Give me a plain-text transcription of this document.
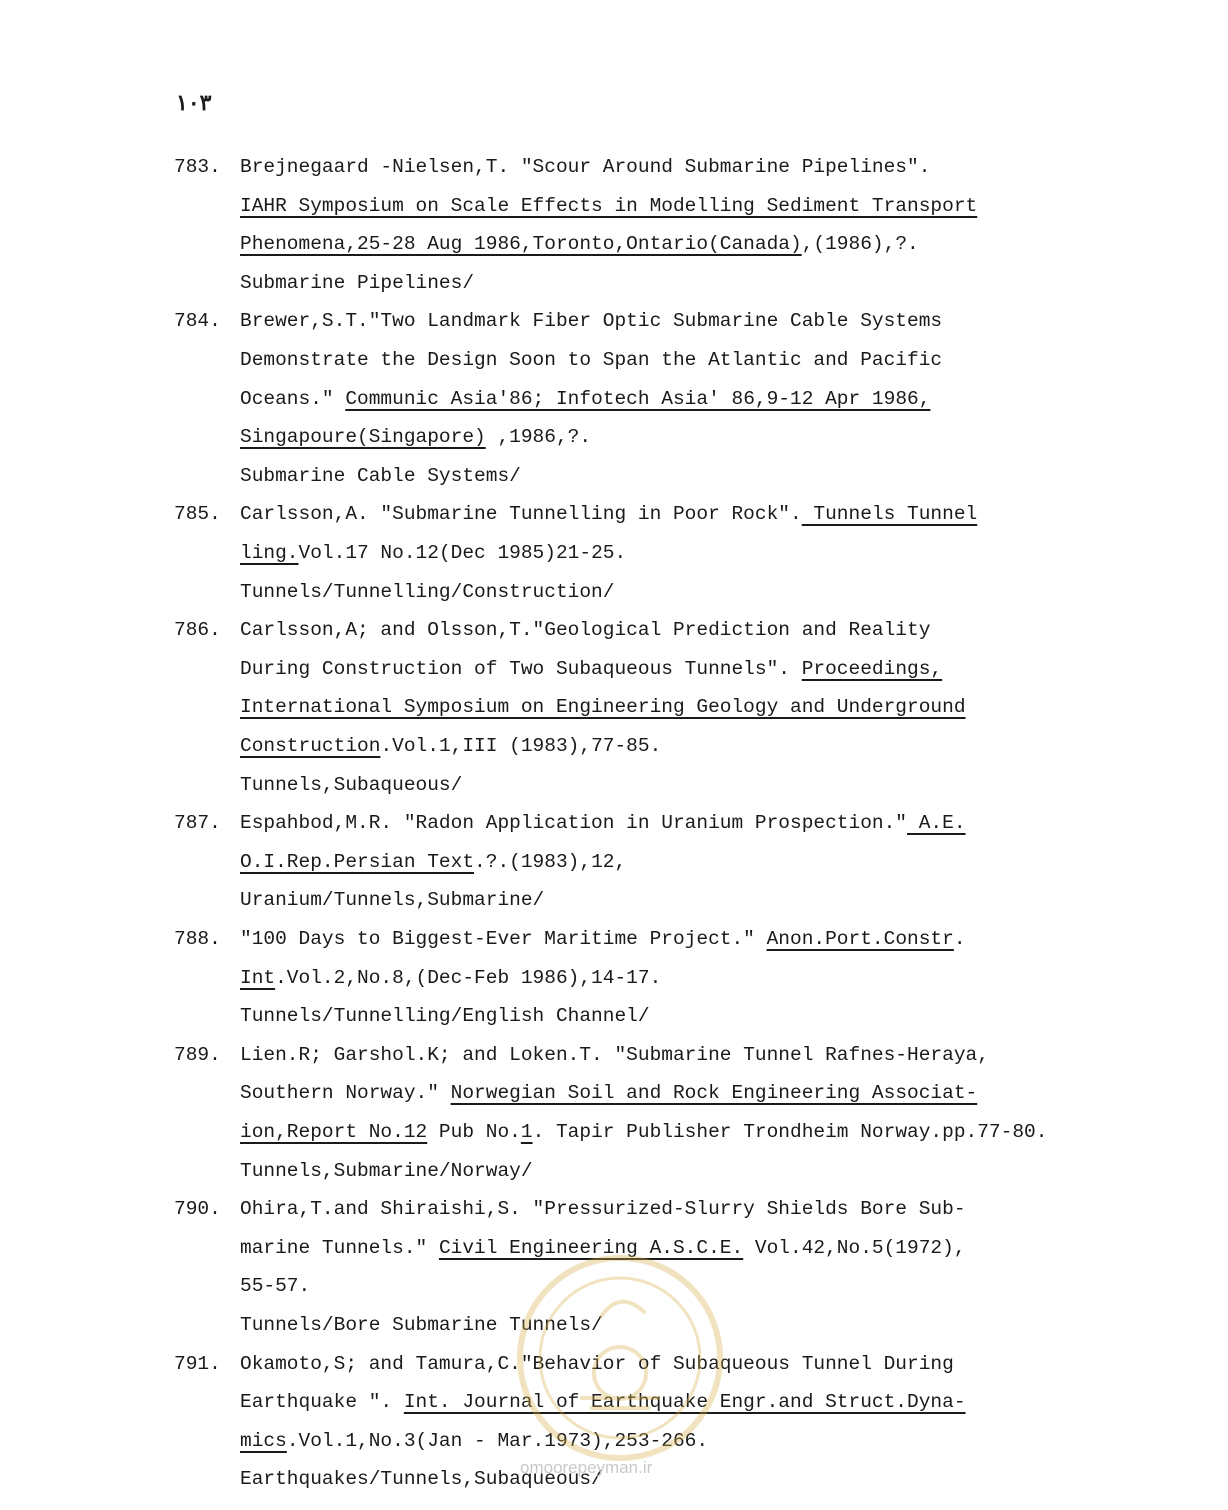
١٠٣
783. Brejnegaard -Nielsen,T. "Scour Around Submarine Pipelines".
IAHR Symposium on Scale Effects in Modelling Sediment Transport
Phenomena,25-28 Aug 1986,Toronto,Ontario(Canada),(1986),?.
Submarine Pipelines/
784. Brewer,S.T."Two Landmark Fiber Optic Submarine Cable Systems
Demonstrate the Design Soon to Span the Atlantic and Pacific
Oceans." Communic Asia'86; Infotech Asia' 86,9-12 Apr 1986,
Singapoure(Singapore) ,1986,?.
Submarine Cable Systems/
785. Carlsson,A. "Submarine Tunnelling in Poor Rock". Tunnels Tunnel
ling.Vol.17 No.12(Dec 1985)21-25.
Tunnels/Tunnelling/Construction/
786. Carlsson,A; and Olsson,T."Geological Prediction and Reality
During Construction of Two Subaqueous Tunnels". Proceedings,
International Symposium on Engineering Geology and Underground
Construction.Vol.1,III (1983),77-85.
Tunnels,Subaqueous/
787. Espahbod,M.R. "Radon Application in Uranium Prospection." A.E.
O.I.Rep.Persian Text.?.(1983),12,
Uranium/Tunnels,Submarine/
788. "100 Days to Biggest-Ever Maritime Project." Anon.Port.Constr.
Int.Vol.2,No.8,(Dec-Feb 1986),14-17.
Tunnels/Tunnelling/English Channel/
789. Lien.R; Garshol.K; and Loken.T. "Submarine Tunnel Rafnes-Heraya,
Southern Norway." Norwegian Soil and Rock Engineering Associat-
ion,Report No.12 Pub No.1. Tapir Publisher Trondheim Norway.pp.77-80.
Tunnels,Submarine/Norway/
790. Ohira,T.and Shiraishi,S. "Pressurized-Slurry Shields Bore Sub-
marine Tunnels." Civil Engineering A.S.C.E. Vol.42,No.5(1972),
55-57.
Tunnels/Bore Submarine Tunnels/
791. Okamoto,S; and Tamura,C."Behavior of Subaqueous Tunnel During
Earthquake ". Int. Journal of Earthquake Engr.and Struct.Dyna-
mics.Vol.1,No.3(Jan - Mar.1973),253-266.
Earthquakes/Tunnels,Subaqueous/
omoorepeyman.ir
